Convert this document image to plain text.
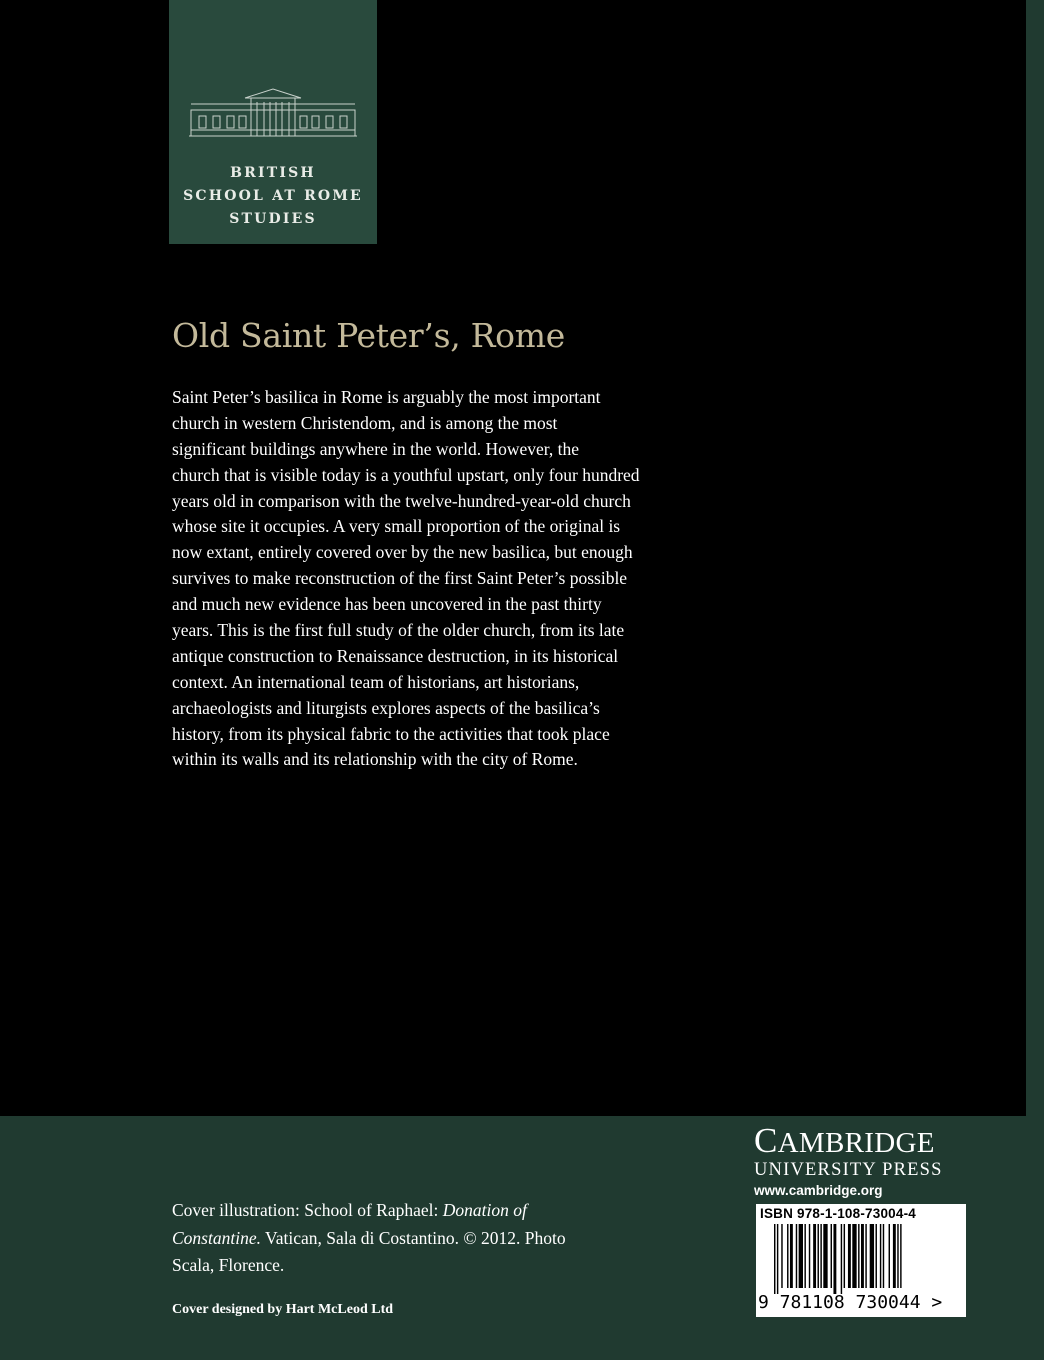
BRITISH
SCHOOL AT ROME
STUDIES
Old Saint Peter’s, Rome
Saint Peter’s basilica in Rome is arguably the most important
church in western Christendom, and is among the most
significant buildings anywhere in the world. However, the
church that is visible today is a youthful upstart, only four hundred
years old in comparison with the twelve-hundred-year-old church
whose site it occupies. A very small proportion of the original is
now extant, entirely covered over by the new basilica, but enough
survives to make reconstruction of the first Saint Peter’s possible
and much new evidence has been uncovered in the past thirty
years. This is the first full study of the older church, from its late
antique construction to Renaissance destruction, in its historical
context. An international team of historians, art historians,
archaeologists and liturgists explores aspects of the basilica’s
history, from its physical fabric to the activities that took place
within its walls and its relationship with the city of Rome.
Cover illustration: School of Raphael: Donation of
Constantine. Vatican, Sala di Costantino. © 2012. Photo
Scala, Florence.
Cover designed by Hart McLeod Ltd
CAMBRIDGE
UNIVERSITY PRESS
www.cambridge.org
ISBN 978-1-108-73004-4
9 781108 730044 >
